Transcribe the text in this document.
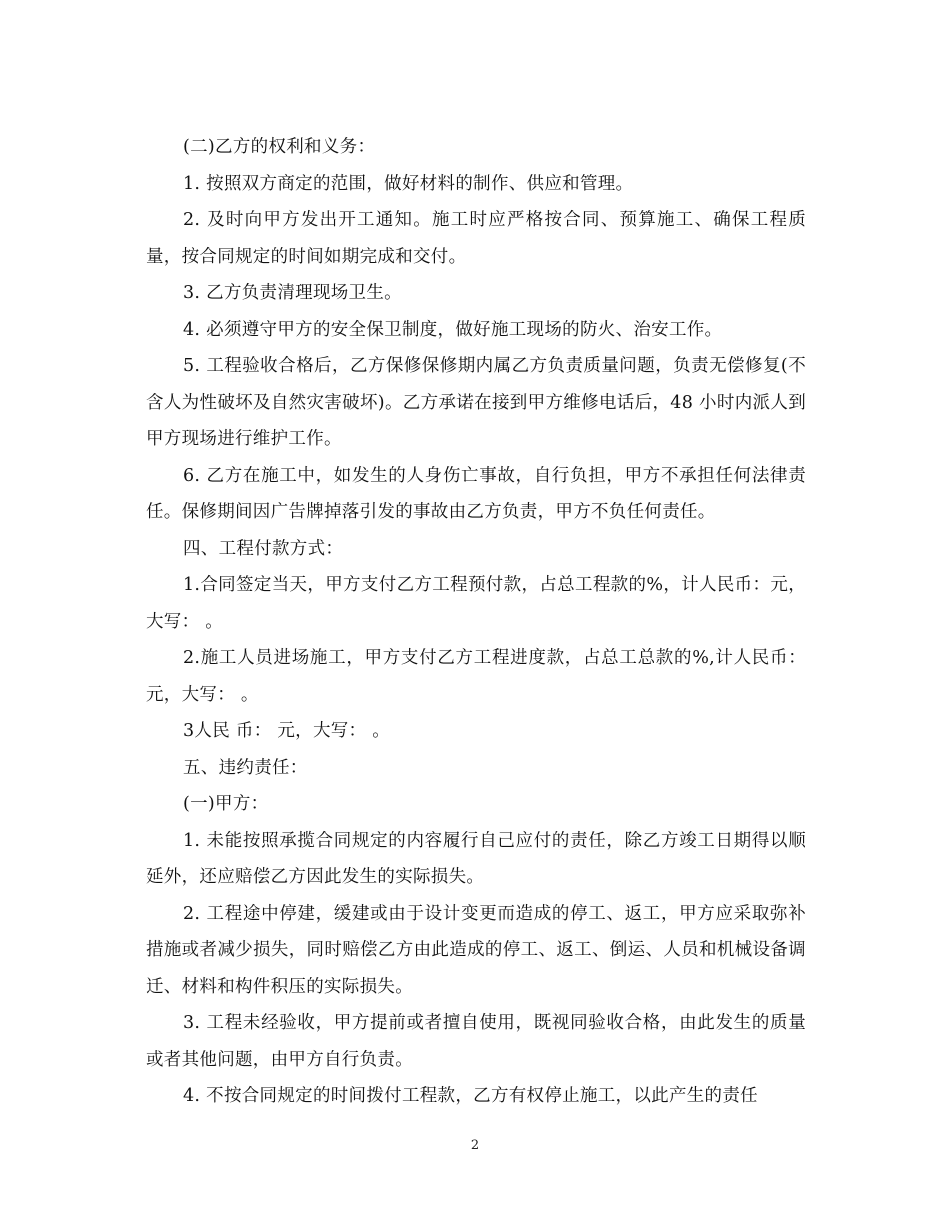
(二)乙方的权利和义务：

1. 按照双方商定的范围，做好材料的制作、供应和管理。

2. 及时向甲方发出开工通知。施工时应严格按合同、预算施工、确保工程质量，按合同规定的时间如期完成和交付。

3. 乙方负责清理现场卫生。

4. 必须遵守甲方的安全保卫制度，做好施工现场的防火、治安工作。

5. 工程验收合格后，乙方保修保修期内属乙方负责质量问题，负责无偿修复(不含人为性破坏及自然灾害破坏)。乙方承诺在接到甲方维修电话后，48 小时内派人到甲方现场进行维护工作。

6. 乙方在施工中，如发生的人身伤亡事故，自行负担，甲方不承担任何法律责任。保修期间因广告牌掉落引发的事故由乙方负责，甲方不负任何责任。

四、工程付款方式：

1.合同签定当天，甲方支付乙方工程预付款，占总工程款的%，计人民币：元，大写： 。

2.施工人员进场施工，甲方支付乙方工程进度款，占总工总款的%,计人民币：元，大写： 。

3人民 币： 元，大写： 。

五、违约责任：

(一)甲方：

1. 未能按照承揽合同规定的内容履行自己应付的责任，除乙方竣工日期得以顺延外，还应赔偿乙方因此发生的实际损失。

2. 工程途中停建，缓建或由于设计变更而造成的停工、返工，甲方应采取弥补措施或者减少损失，同时赔偿乙方由此造成的停工、返工、倒运、人员和机械设备调迁、材料和构件积压的实际损失。

3. 工程未经验收，甲方提前或者擅自使用，既视同验收合格，由此发生的质量或者其他问题，由甲方自行负责。

4. 不按合同规定的时间拨付工程款，乙方有权停止施工，以此产生的责任

2
